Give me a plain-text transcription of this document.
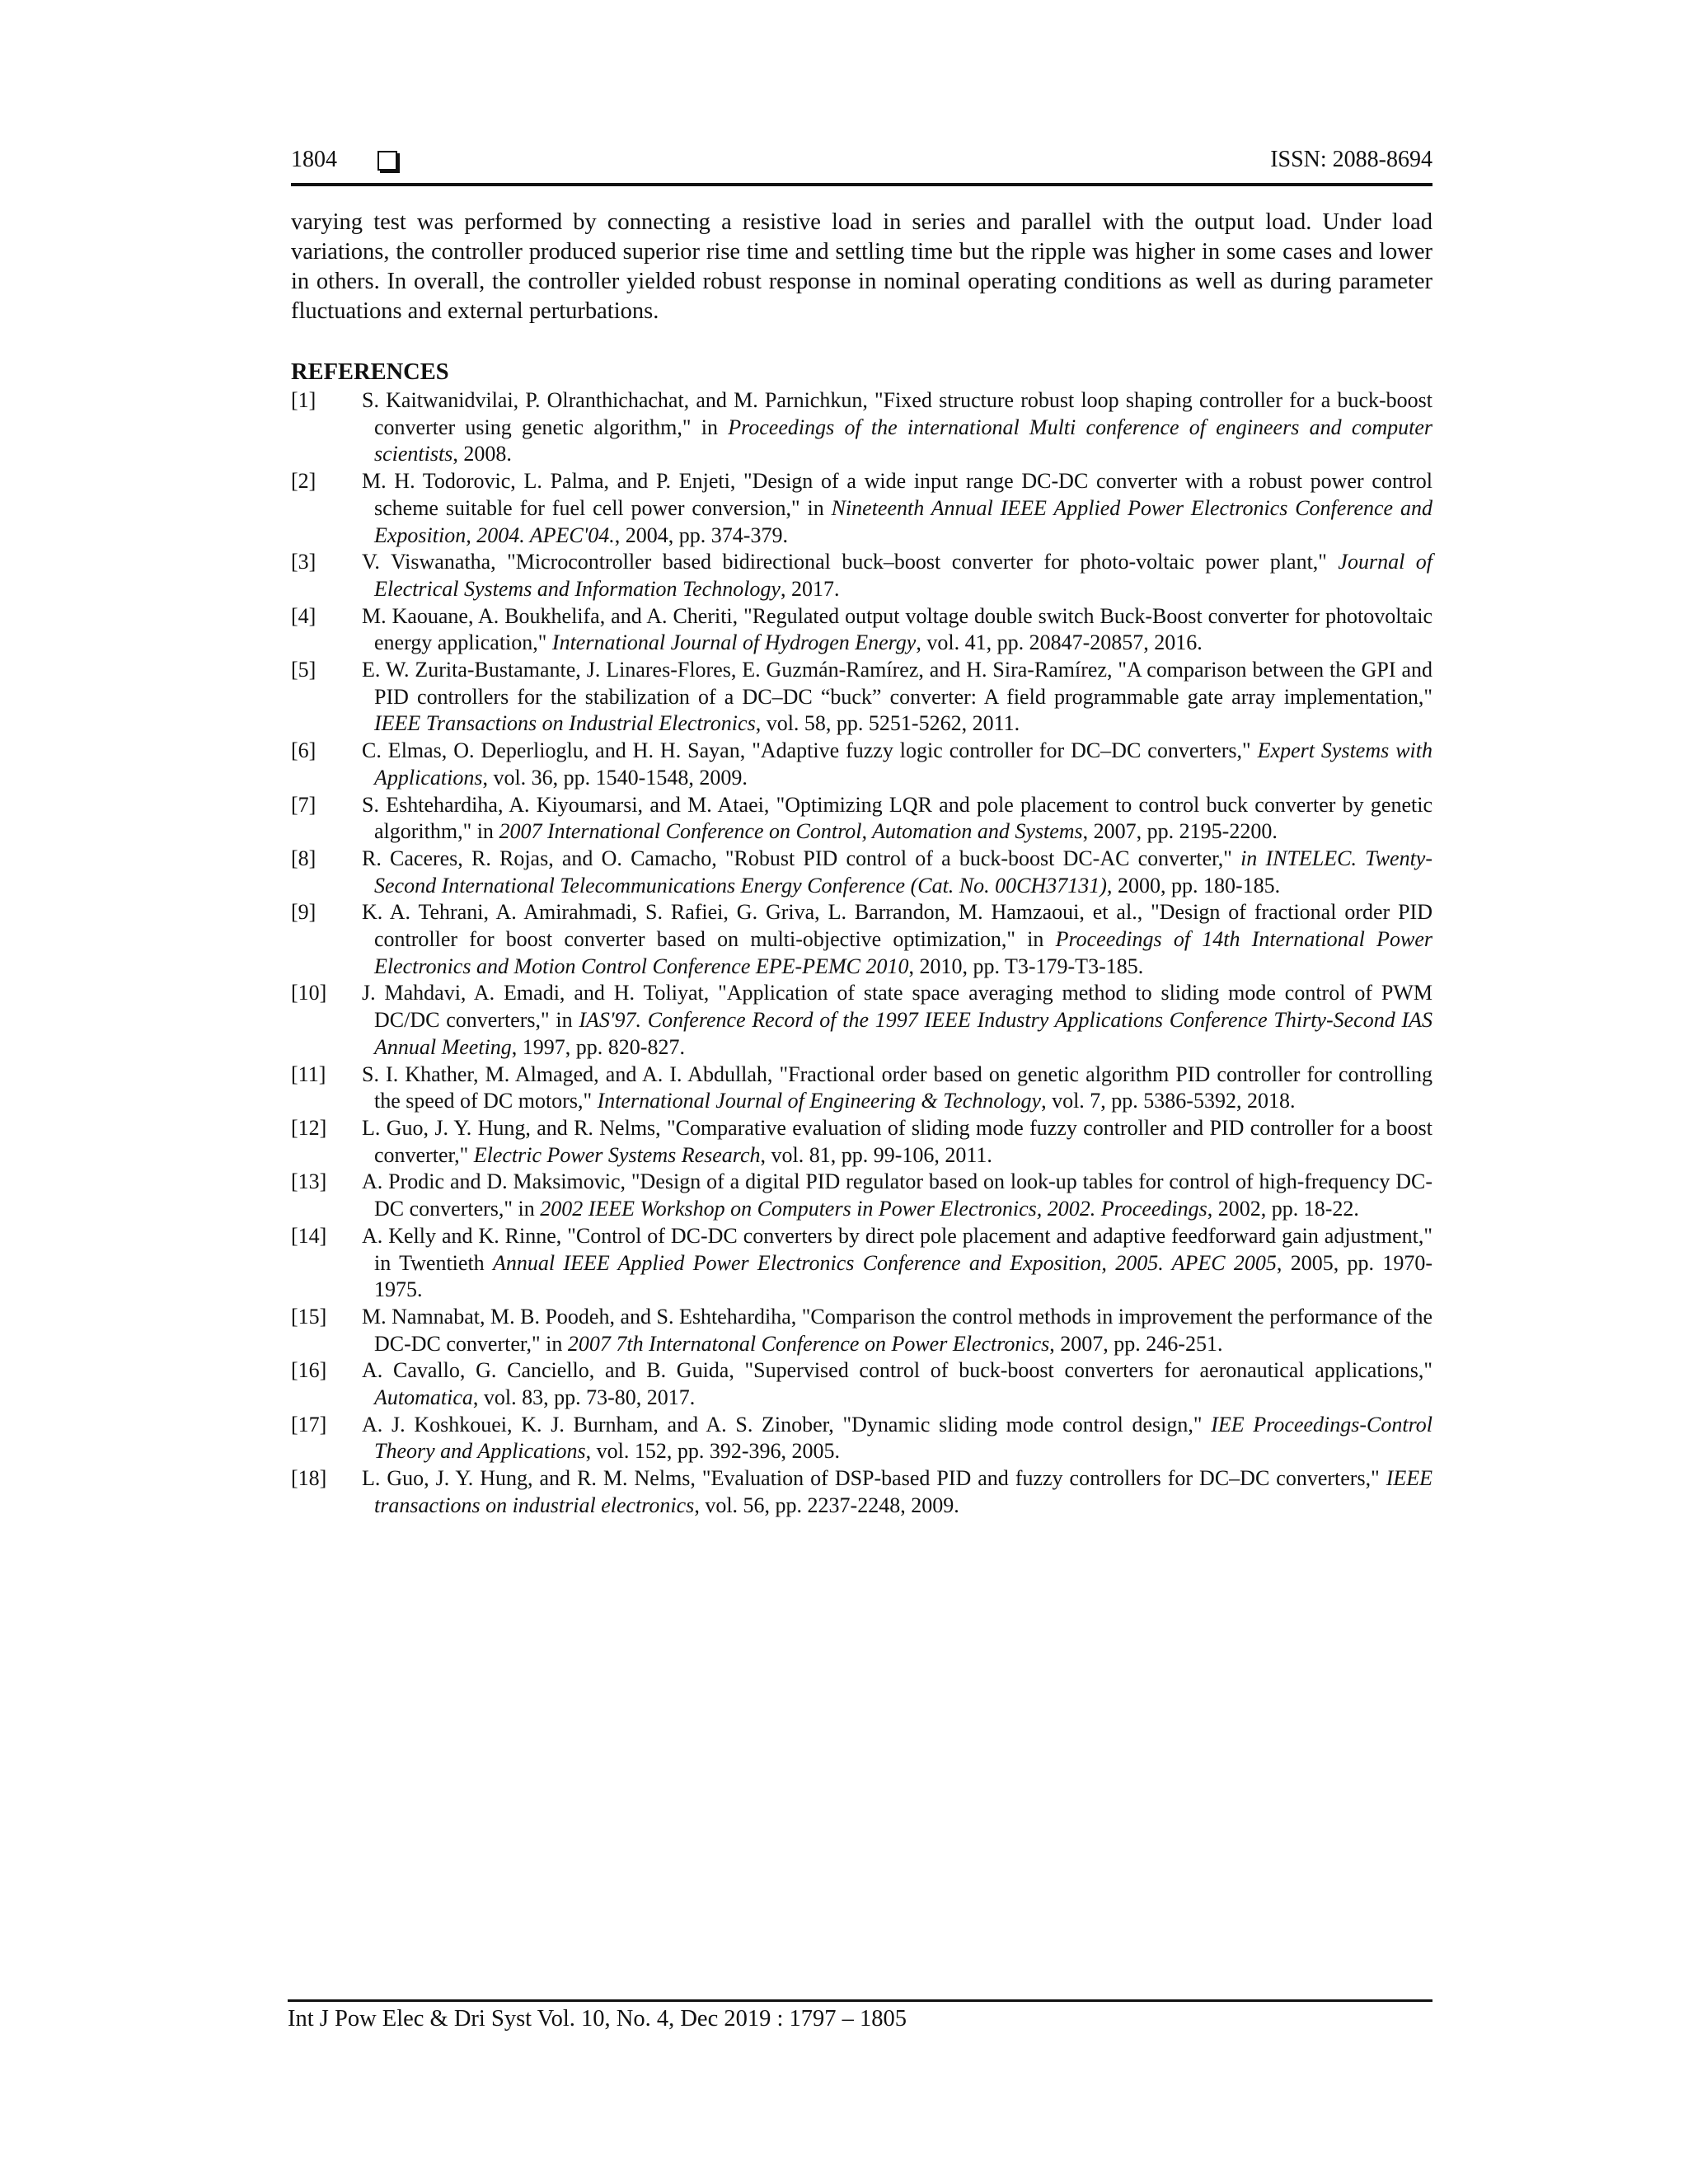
1804	ISSN: 2088-8694

varying test was performed by connecting a resistive load in series and parallel with the output load. Under load variations, the controller produced superior rise time and settling time but the ripple was higher in some cases and lower in others. In overall, the controller yielded robust response in nominal operating conditions as well as during parameter fluctuations and external perturbations.

REFERENCES
[1] S. Kaitwanidvilai, P. Olranthichachat, and M. Parnichkun, "Fixed structure robust loop shaping controller for a buck-boost converter using genetic algorithm," in Proceedings of the international Multi conference of engineers and computer scientists, 2008.
[2] M. H. Todorovic, L. Palma, and P. Enjeti, "Design of a wide input range DC-DC converter with a robust power control scheme suitable for fuel cell power conversion," in Nineteenth Annual IEEE Applied Power Electronics Conference and Exposition, 2004. APEC'04., 2004, pp. 374-379.
[3] V. Viswanatha, "Microcontroller based bidirectional buck–boost converter for photo-voltaic power plant," Journal of Electrical Systems and Information Technology, 2017.
[4] M. Kaouane, A. Boukhelifa, and A. Cheriti, "Regulated output voltage double switch Buck-Boost converter for photovoltaic energy application," International Journal of Hydrogen Energy, vol. 41, pp. 20847-20857, 2016.
[5] E. W. Zurita-Bustamante, J. Linares-Flores, E. Guzmán-Ramírez, and H. Sira-Ramírez, "A comparison between the GPI and PID controllers for the stabilization of a DC–DC “buck” converter: A field programmable gate array implementation," IEEE Transactions on Industrial Electronics, vol. 58, pp. 5251-5262, 2011.
[6] C. Elmas, O. Deperlioglu, and H. H. Sayan, "Adaptive fuzzy logic controller for DC–DC converters," Expert Systems with Applications, vol. 36, pp. 1540-1548, 2009.
[7] S. Eshtehardiha, A. Kiyoumarsi, and M. Ataei, "Optimizing LQR and pole placement to control buck converter by genetic algorithm," in 2007 International Conference on Control, Automation and Systems, 2007, pp. 2195-2200.
[8] R. Caceres, R. Rojas, and O. Camacho, "Robust PID control of a buck-boost DC-AC converter," in INTELEC. Twenty-Second International Telecommunications Energy Conference (Cat. No. 00CH37131), 2000, pp. 180-185.
[9] K. A. Tehrani, A. Amirahmadi, S. Rafiei, G. Griva, L. Barrandon, M. Hamzaoui, et al., "Design of fractional order PID controller for boost converter based on multi-objective optimization," in Proceedings of 14th International Power Electronics and Motion Control Conference EPE-PEMC 2010, 2010, pp. T3-179-T3-185.
[10] J. Mahdavi, A. Emadi, and H. Toliyat, "Application of state space averaging method to sliding mode control of PWM DC/DC converters," in IAS'97. Conference Record of the 1997 IEEE Industry Applications Conference Thirty-Second IAS Annual Meeting, 1997, pp. 820-827.
[11] S. I. Khather, M. Almaged, and A. I. Abdullah, "Fractional order based on genetic algorithm PID controller for controlling the speed of DC motors," International Journal of Engineering & Technology, vol. 7, pp. 5386-5392, 2018.
[12] L. Guo, J. Y. Hung, and R. Nelms, "Comparative evaluation of sliding mode fuzzy controller and PID controller for a boost converter," Electric Power Systems Research, vol. 81, pp. 99-106, 2011.
[13] A. Prodic and D. Maksimovic, "Design of a digital PID regulator based on look-up tables for control of high-frequency DC-DC converters," in 2002 IEEE Workshop on Computers in Power Electronics, 2002. Proceedings, 2002, pp. 18-22.
[14] A. Kelly and K. Rinne, "Control of DC-DC converters by direct pole placement and adaptive feedforward gain adjustment," in Twentieth Annual IEEE Applied Power Electronics Conference and Exposition, 2005. APEC 2005, 2005, pp. 1970-1975.
[15] M. Namnabat, M. B. Poodeh, and S. Eshtehardiha, "Comparison the control methods in improvement the performance of the DC-DC converter," in 2007 7th Internatonal Conference on Power Electronics, 2007, pp. 246-251.
[16] A. Cavallo, G. Canciello, and B. Guida, "Supervised control of buck-boost converters for aeronautical applications," Automatica, vol. 83, pp. 73-80, 2017.
[17] A. J. Koshkouei, K. J. Burnham, and A. S. Zinober, "Dynamic sliding mode control design," IEE Proceedings-Control Theory and Applications, vol. 152, pp. 392-396, 2005.
[18] L. Guo, J. Y. Hung, and R. M. Nelms, "Evaluation of DSP-based PID and fuzzy controllers for DC–DC converters," IEEE transactions on industrial electronics, vol. 56, pp. 2237-2248, 2009.
Int J Pow Elec & Dri Syst Vol. 10, No. 4, Dec 2019 : 1797 – 1805
